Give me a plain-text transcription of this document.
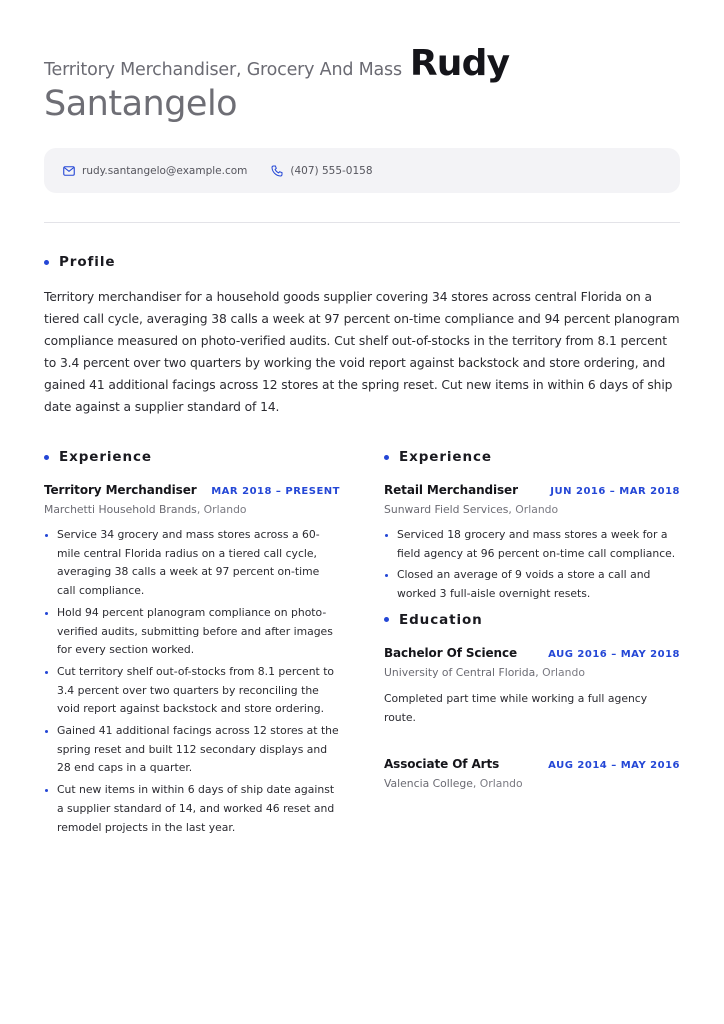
Territory Merchandiser, Grocery And Mass Rudy
Santangelo
rudy.santangelo@example.com	(407) 555-0158
Profile

Territory merchandiser for a household goods supplier covering 34 stores across central Florida on a tiered call cycle, averaging 38 calls a week at 97 percent on-time compliance and 94 percent planogram compliance measured on photo-verified audits. Cut shelf out-of-stocks in the territory from 8.1 percent to 3.4 percent over two quarters by working the void report against backstock and store ordering, and gained 41 additional facings across 12 stores at the spring reset. Cut new items in within 6 days of ship date against a supplier standard of 14.

Experience
Territory Merchandiser MAR 2018 – PRESENT
Marchetti Household Brands, Orlando
Service 34 grocery and mass stores across a 60-mile central Florida radius on a tiered call cycle, averaging 38 calls a week at 97 percent on-time call compliance.
Hold 94 percent planogram compliance on photo-verified audits, submitting before and after images for every section worked.
Cut territory shelf out-of-stocks from 8.1 percent to 3.4 percent over two quarters by reconciling the void report against backstock and store ordering.
Gained 41 additional facings across 12 stores at the spring reset and built 112 secondary displays and 28 end caps in a quarter.
Cut new items in within 6 days of ship date against a supplier standard of 14, and worked 46 reset and remodel projects in the last year.
Experience
Retail Merchandiser	JUN 2016 – MAR 2018
Sunward Field Services, Orlando
Serviced 18 grocery and mass stores a week for a field agency at 96 percent on-time call compliance.
Closed an average of 9 voids a store a call and worked 3 full-aisle overnight resets.
Education
Bachelor Of Science	AUG 2016 – MAY 2018
University of Central Florida, Orlando

Completed part time while working a full agency route.

Associate Of Arts	AUG 2014 – MAY 2016
Valencia College, Orlando
